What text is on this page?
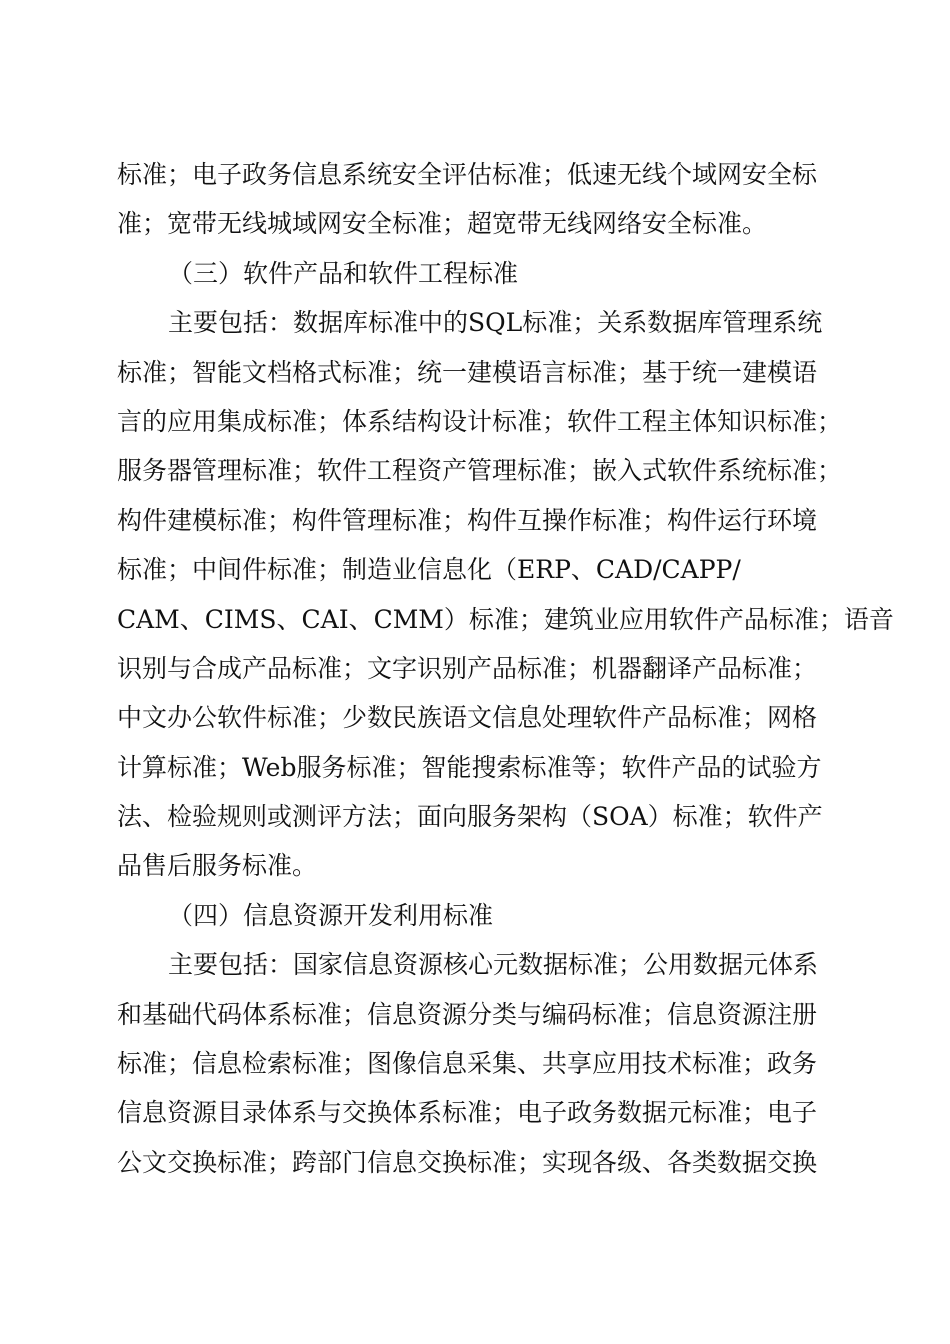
标准；电子政务信息系统安全评估标准；低速无线个域网安全标
准；宽带无线城域网安全标准；超宽带无线网络安全标准。
（三）软件产品和软件工程标准
主要包括：数据库标准中的SQL标准；关系数据库管理系统
标准；智能文档格式标准；统一建模语言标准；基于统一建模语
言的应用集成标准；体系结构设计标准；软件工程主体知识标准；
服务器管理标准；软件工程资产管理标准；嵌入式软件系统标准；
构件建模标准；构件管理标准；构件互操作标准；构件运行环境
标准；中间件标准；制造业信息化（ERP、CAD/CAPP/
CAM、CIMS、CAI、CMM）标准；建筑业应用软件产品标准；语音
识别与合成产品标准；文字识别产品标准；机器翻译产品标准；
中文办公软件标准；少数民族语文信息处理软件产品标准；网格
计算标准；Web服务标准；智能搜索标准等；软件产品的试验方
法、检验规则或测评方法；面向服务架构（SOA）标准；软件产
品售后服务标准。
（四）信息资源开发利用标准
主要包括：国家信息资源核心元数据标准；公用数据元体系
和基础代码体系标准；信息资源分类与编码标准；信息资源注册
标准；信息检索标准；图像信息采集、共享应用技术标准；政务
信息资源目录体系与交换体系标准；电子政务数据元标准；电子
公文交换标准；跨部门信息交换标准；实现各级、各类数据交换
